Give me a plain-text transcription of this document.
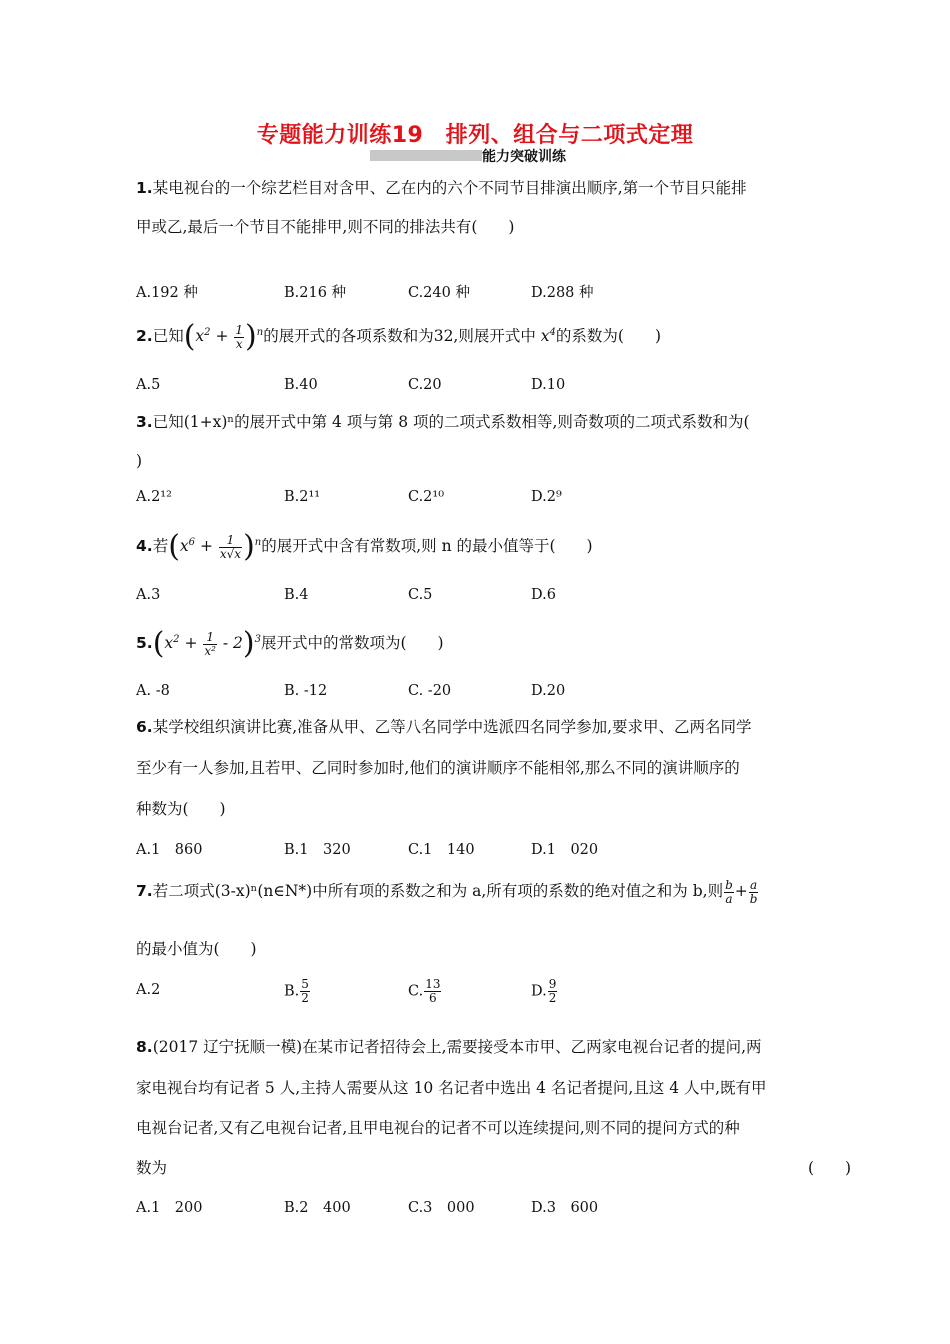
专题能力训练19　排列、组合与二项式定理
能力突破训练
1.某电视台的一个综艺栏目对含甲、乙在内的六个不同节目排演出顺序,第一个节目只能排
甲或乙,最后一个节目不能排甲,则不同的排法共有(　　)
A.192 种	B.216 种	C.240 种	D.288 种
2.已知$(x^2 + \frac{1}{x} )^n$的展开式的各项系数和为32,则展开式中 $x^4$的系数为(　　)
A.5	B.40	C.20	D.10
3.已知(1+x)ⁿ的展开式中第 4 项与第 8 项的二项式系数相等,则奇数项的二项式系数和为(
)
A.2¹²	B.2¹¹	C.2¹⁰	D.2⁹
4.若$(x^6 + \frac{1}{x√x} )^n$的展开式中含有常数项,则 n 的最小值等于(　　)
A.3	B.4	C.5	D.6
$5.(x^2 + \frac{1}{\text{x²}} - 2)^3$展开式中的常数项为(　　)
A. -8	B. -12	C. -20	D.20
6.某学校组织演讲比赛,准备从甲、乙等八名同学中选派四名同学参加,要求甲、乙两名同学
至少有一人参加,且若甲、乙同时参加时,他们的演讲顺序不能相邻,那么不同的演讲顺序的
种数为(　　)
A.1　860	B.1　320	C.1　140	D.1　020
7.若二项式(3-x)ⁿ(n∈N*)中所有项的系数之和为 a,所有项的系数的绝对值之和为 b,则 $\frac{b}{a} + \frac{a}{b}$
的最小值为(　　)
A.2	B. $\frac{5}{2}$	C. $\frac{13}{6}$	D. $\frac{9}{2}$
8.(2017 辽宁抚顺一模)在某市记者招待会上,需要接受本市甲、乙两家电视台记者的提问,两
家电视台均有记者 5 人,主持人需要从这 10 名记者中选出 4 名记者提问,且这 4 人中,既有甲
电视台记者,又有乙电视台记者,且甲电视台的记者不可以连续提问,则不同的提问方式的种
数为	(　　)
A.1　200	B.2　400	C.3　000	D.3　600
